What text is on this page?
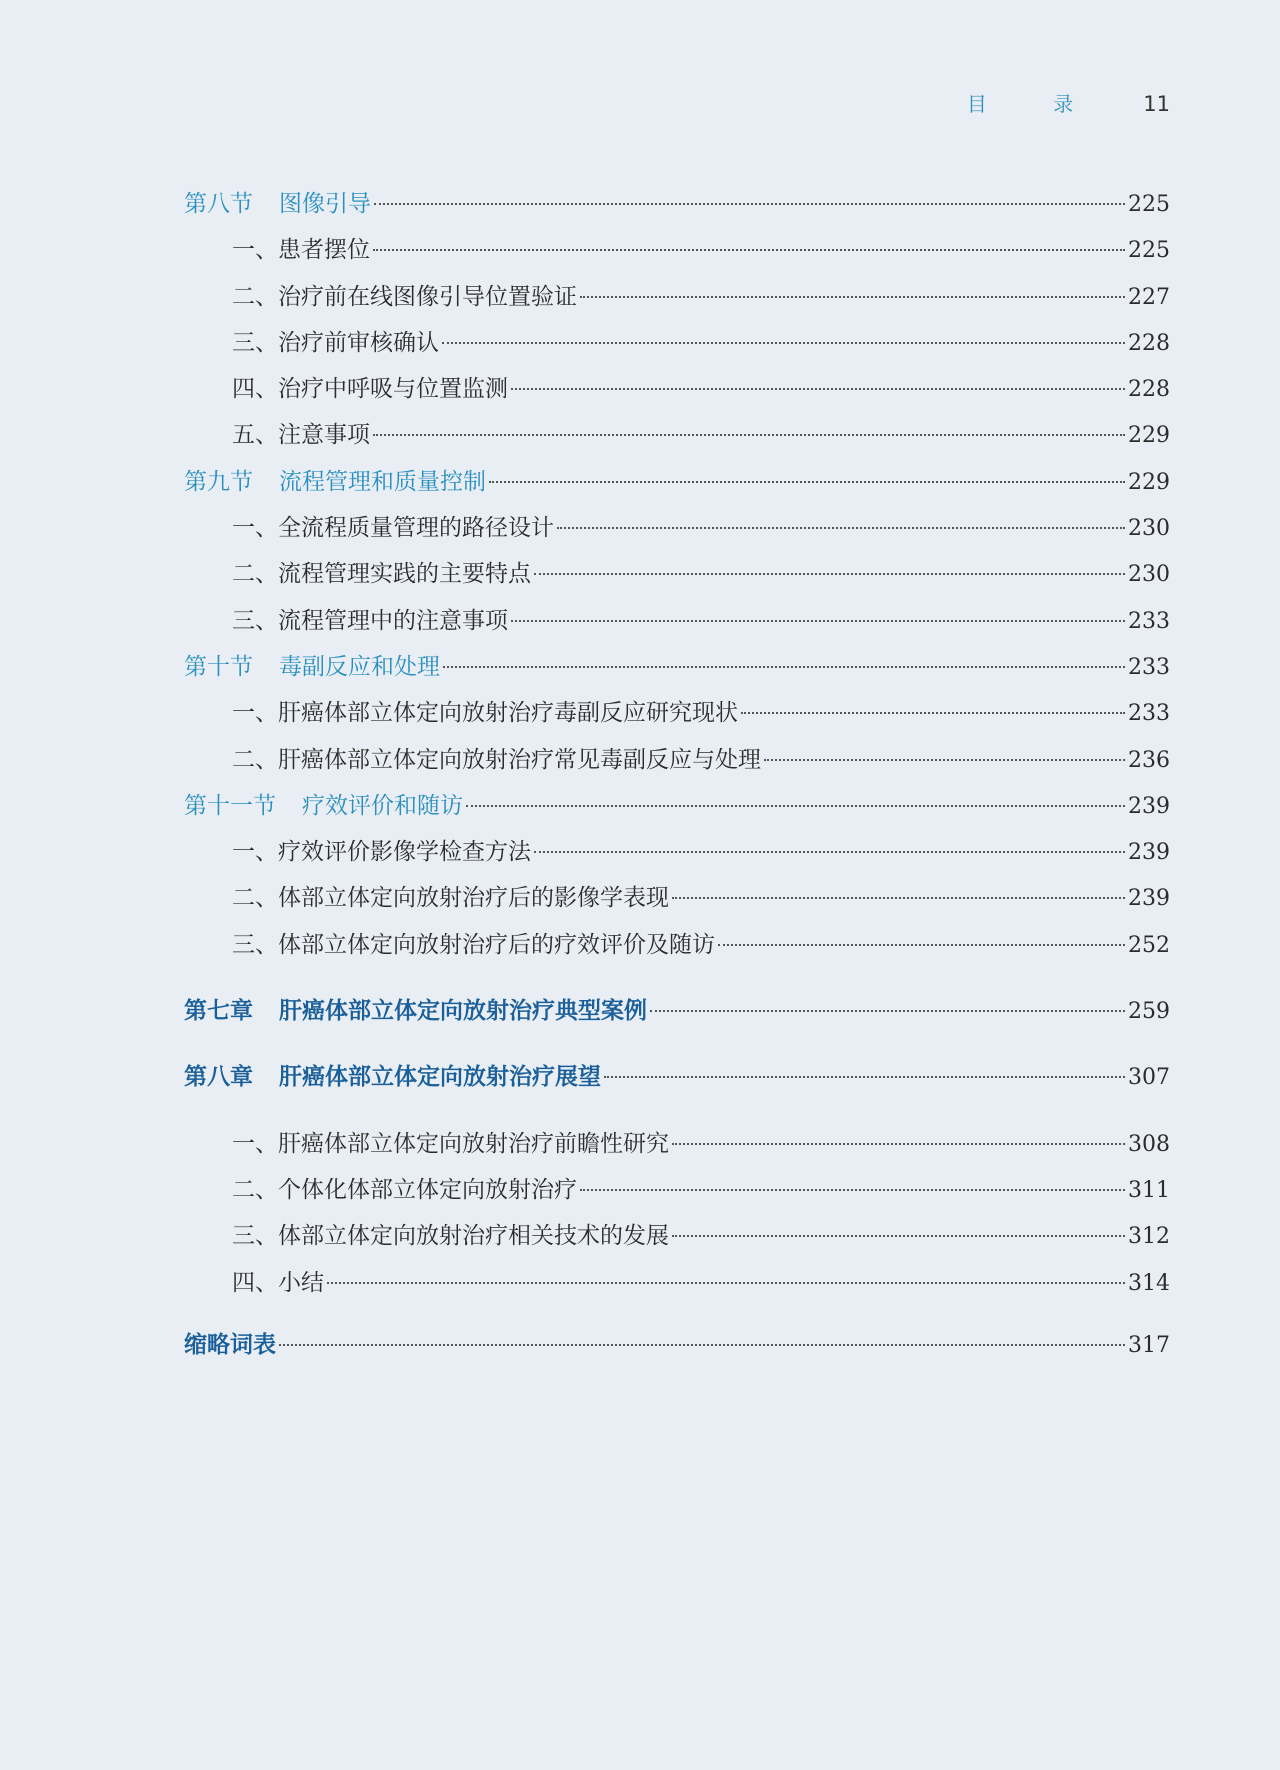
目 录 11
第八节 图像引导	225
一、患者摆位	225
二、治疗前在线图像引导位置验证	227
三、治疗前审核确认	228
四、治疗中呼吸与位置监测	228
五、注意事项	229
第九节 流程管理和质量控制	229
一、全流程质量管理的路径设计	230
二、流程管理实践的主要特点	230
三、流程管理中的注意事项	233
第十节 毒副反应和处理	233
一、肝癌体部立体定向放射治疗毒副反应研究现状	233
二、肝癌体部立体定向放射治疗常见毒副反应与处理	236
第十一节 疗效评价和随访	239
一、疗效评价影像学检查方法	239
二、体部立体定向放射治疗后的影像学表现	239
三、体部立体定向放射治疗后的疗效评价及随访	252
第七章 肝癌体部立体定向放射治疗典型案例	259
第八章 肝癌体部立体定向放射治疗展望	307
一、肝癌体部立体定向放射治疗前瞻性研究	308
二、个体化体部立体定向放射治疗	311
三、体部立体定向放射治疗相关技术的发展	312
四、小结	314
缩略词表	317
